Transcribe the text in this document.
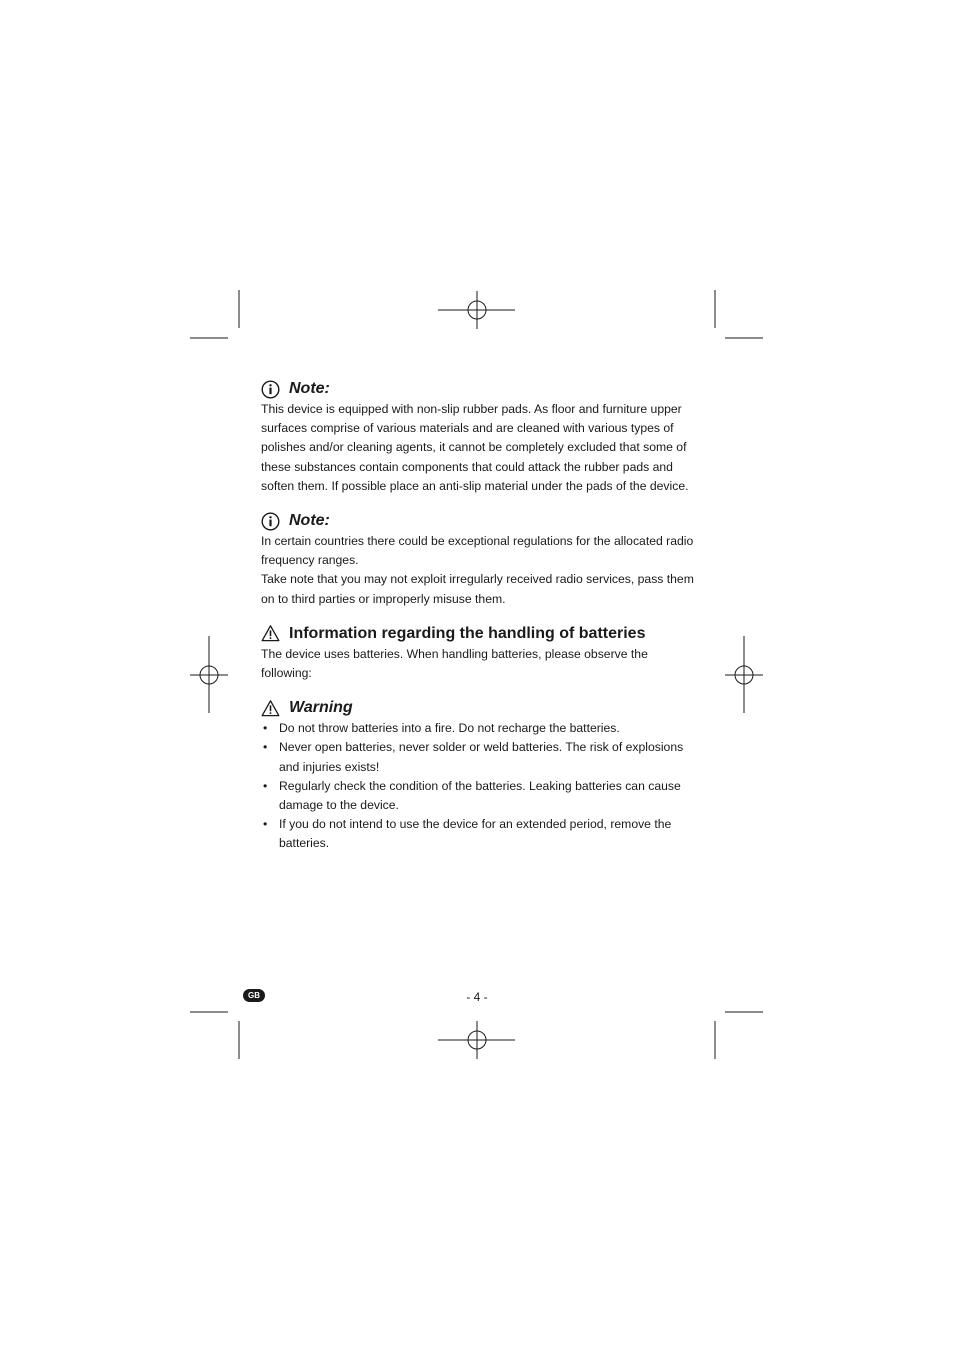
Note:

This device is equipped with non-slip rubber pads. As floor and furniture upper surfaces comprise of various materials and are cleaned with various types of polishes and/or cleaning agents, it cannot be completely excluded that some of these substances contain components that could attack the rubber pads and soften them. If possible place an anti-slip material under the pads of the device.

Note:

In certain countries there could be exceptional regulations for the allocated radio frequency ranges.

Take note that you may not exploit irregularly received radio services, pass them on to third parties or improperly misuse them.

Information regarding the handling of batteries

The device uses batteries. When handling batteries, please observe the following:

Warning
• Do not throw batteries into a fire. Do not recharge the batteries.
• Never open batteries, never solder or weld batteries. The risk of explosions and injuries exists!
• Regularly check the condition of the batteries. Leaking batteries can cause damage to the device.
• If you do not intend to use the device for an extended period, remove the batteries.
GB	- 4 -
